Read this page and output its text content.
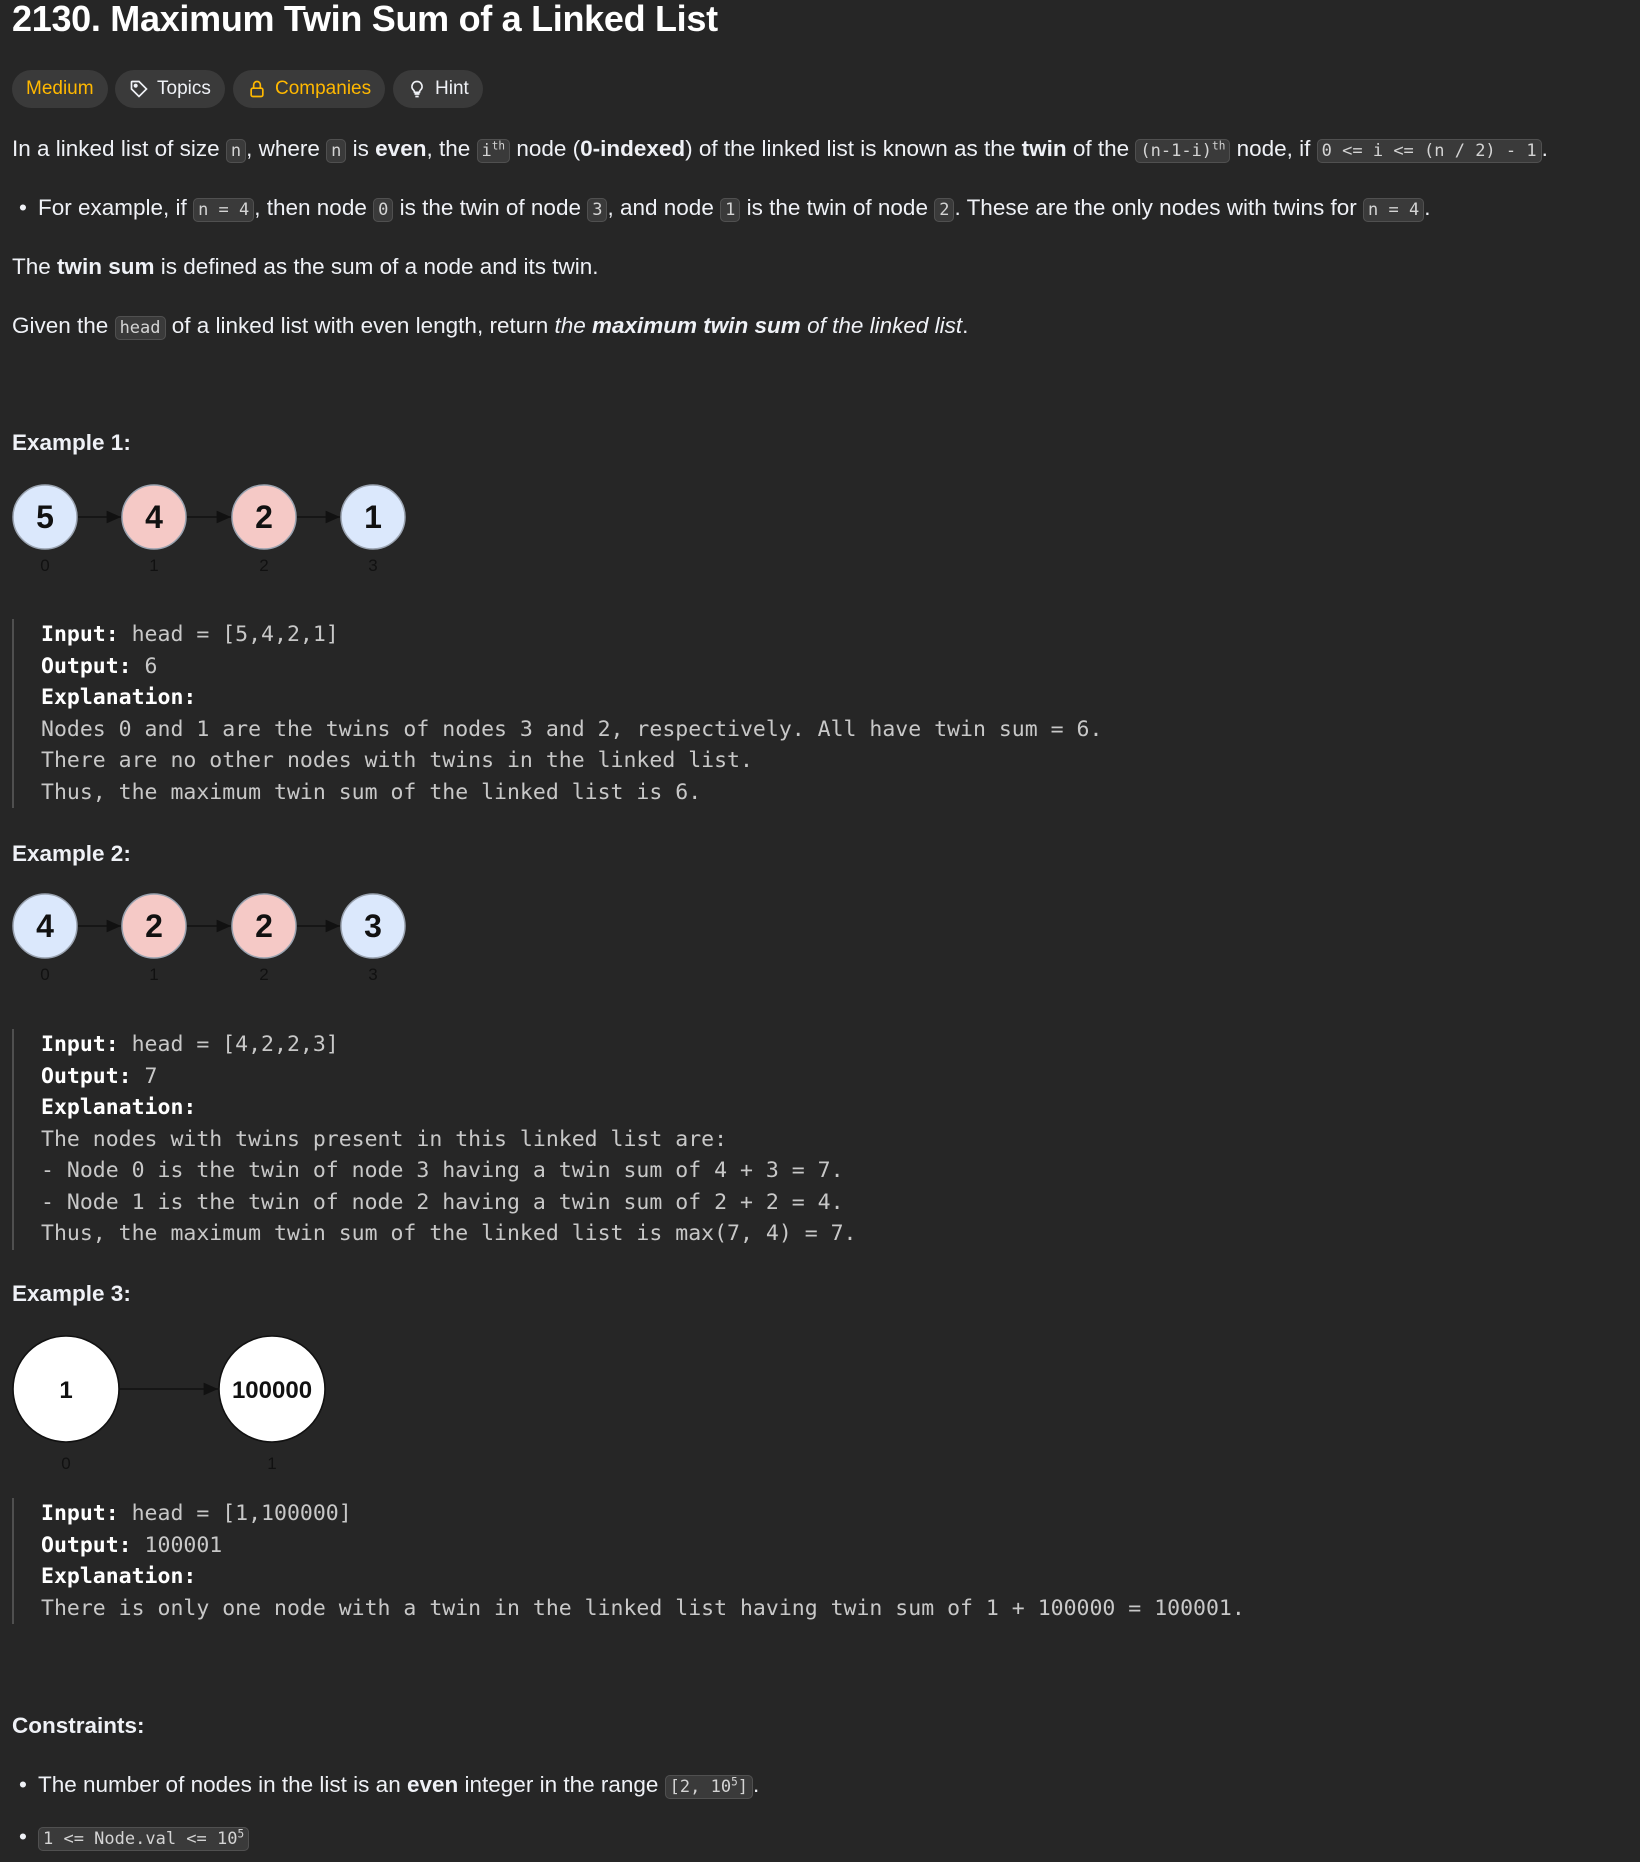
2130. Maximum Twin Sum of a Linked List
Medium	Topics	Companies	Hint
In a linked list of size n , where n is even, the $i^{th}$ node (0-indexed) of the linked list is known as the twin of the $(n-1-i)^{th}$ node, if 0 <= i <= (n / 2) - 1 .
• For example, if n = 4 , then node 0 is the twin of node 3 , and node 1 is the twin of node 2 . These are the only nodes with twins for n = 4 .
The twin sum is defined as the sum of a node and its twin.
Given the head of a linked list with even length, return the maximum twin sum of the linked list.
Example 1:
5
0
4
1
2
2
1
3
Input: head = [5,4,2,1]
Output: 6
Explanation:
Nodes 0 and 1 are the twins of nodes 3 and 2, respectively. All have twin sum = 6.
There are no other nodes with twins in the linked list.
Thus, the maximum twin sum of the linked list is 6.
Example 2:
4
0
2
1
2
2
3
3
Input: head = [4,2,2,3]
Output: 7
Explanation:
The nodes with twins present in this linked list are:
- Node 0 is the twin of node 3 having a twin sum of 4 + 3 = 7.
- Node 1 is the twin of node 2 having a twin sum of 2 + 2 = 4.
Thus, the maximum twin sum of the linked list is max(7, 4) = 7.
Example 3:
1
0
100000
1
Input: head = [1,100000]
Output: 100001
Explanation:
There is only one node with a twin in the linked list having twin sum of 1 + 100000 = 100001.
Constraints:
• The number of nodes in the list is an even integer in the range [2, $10^5$] .
• 1 <= Node.val <= $10^5$
